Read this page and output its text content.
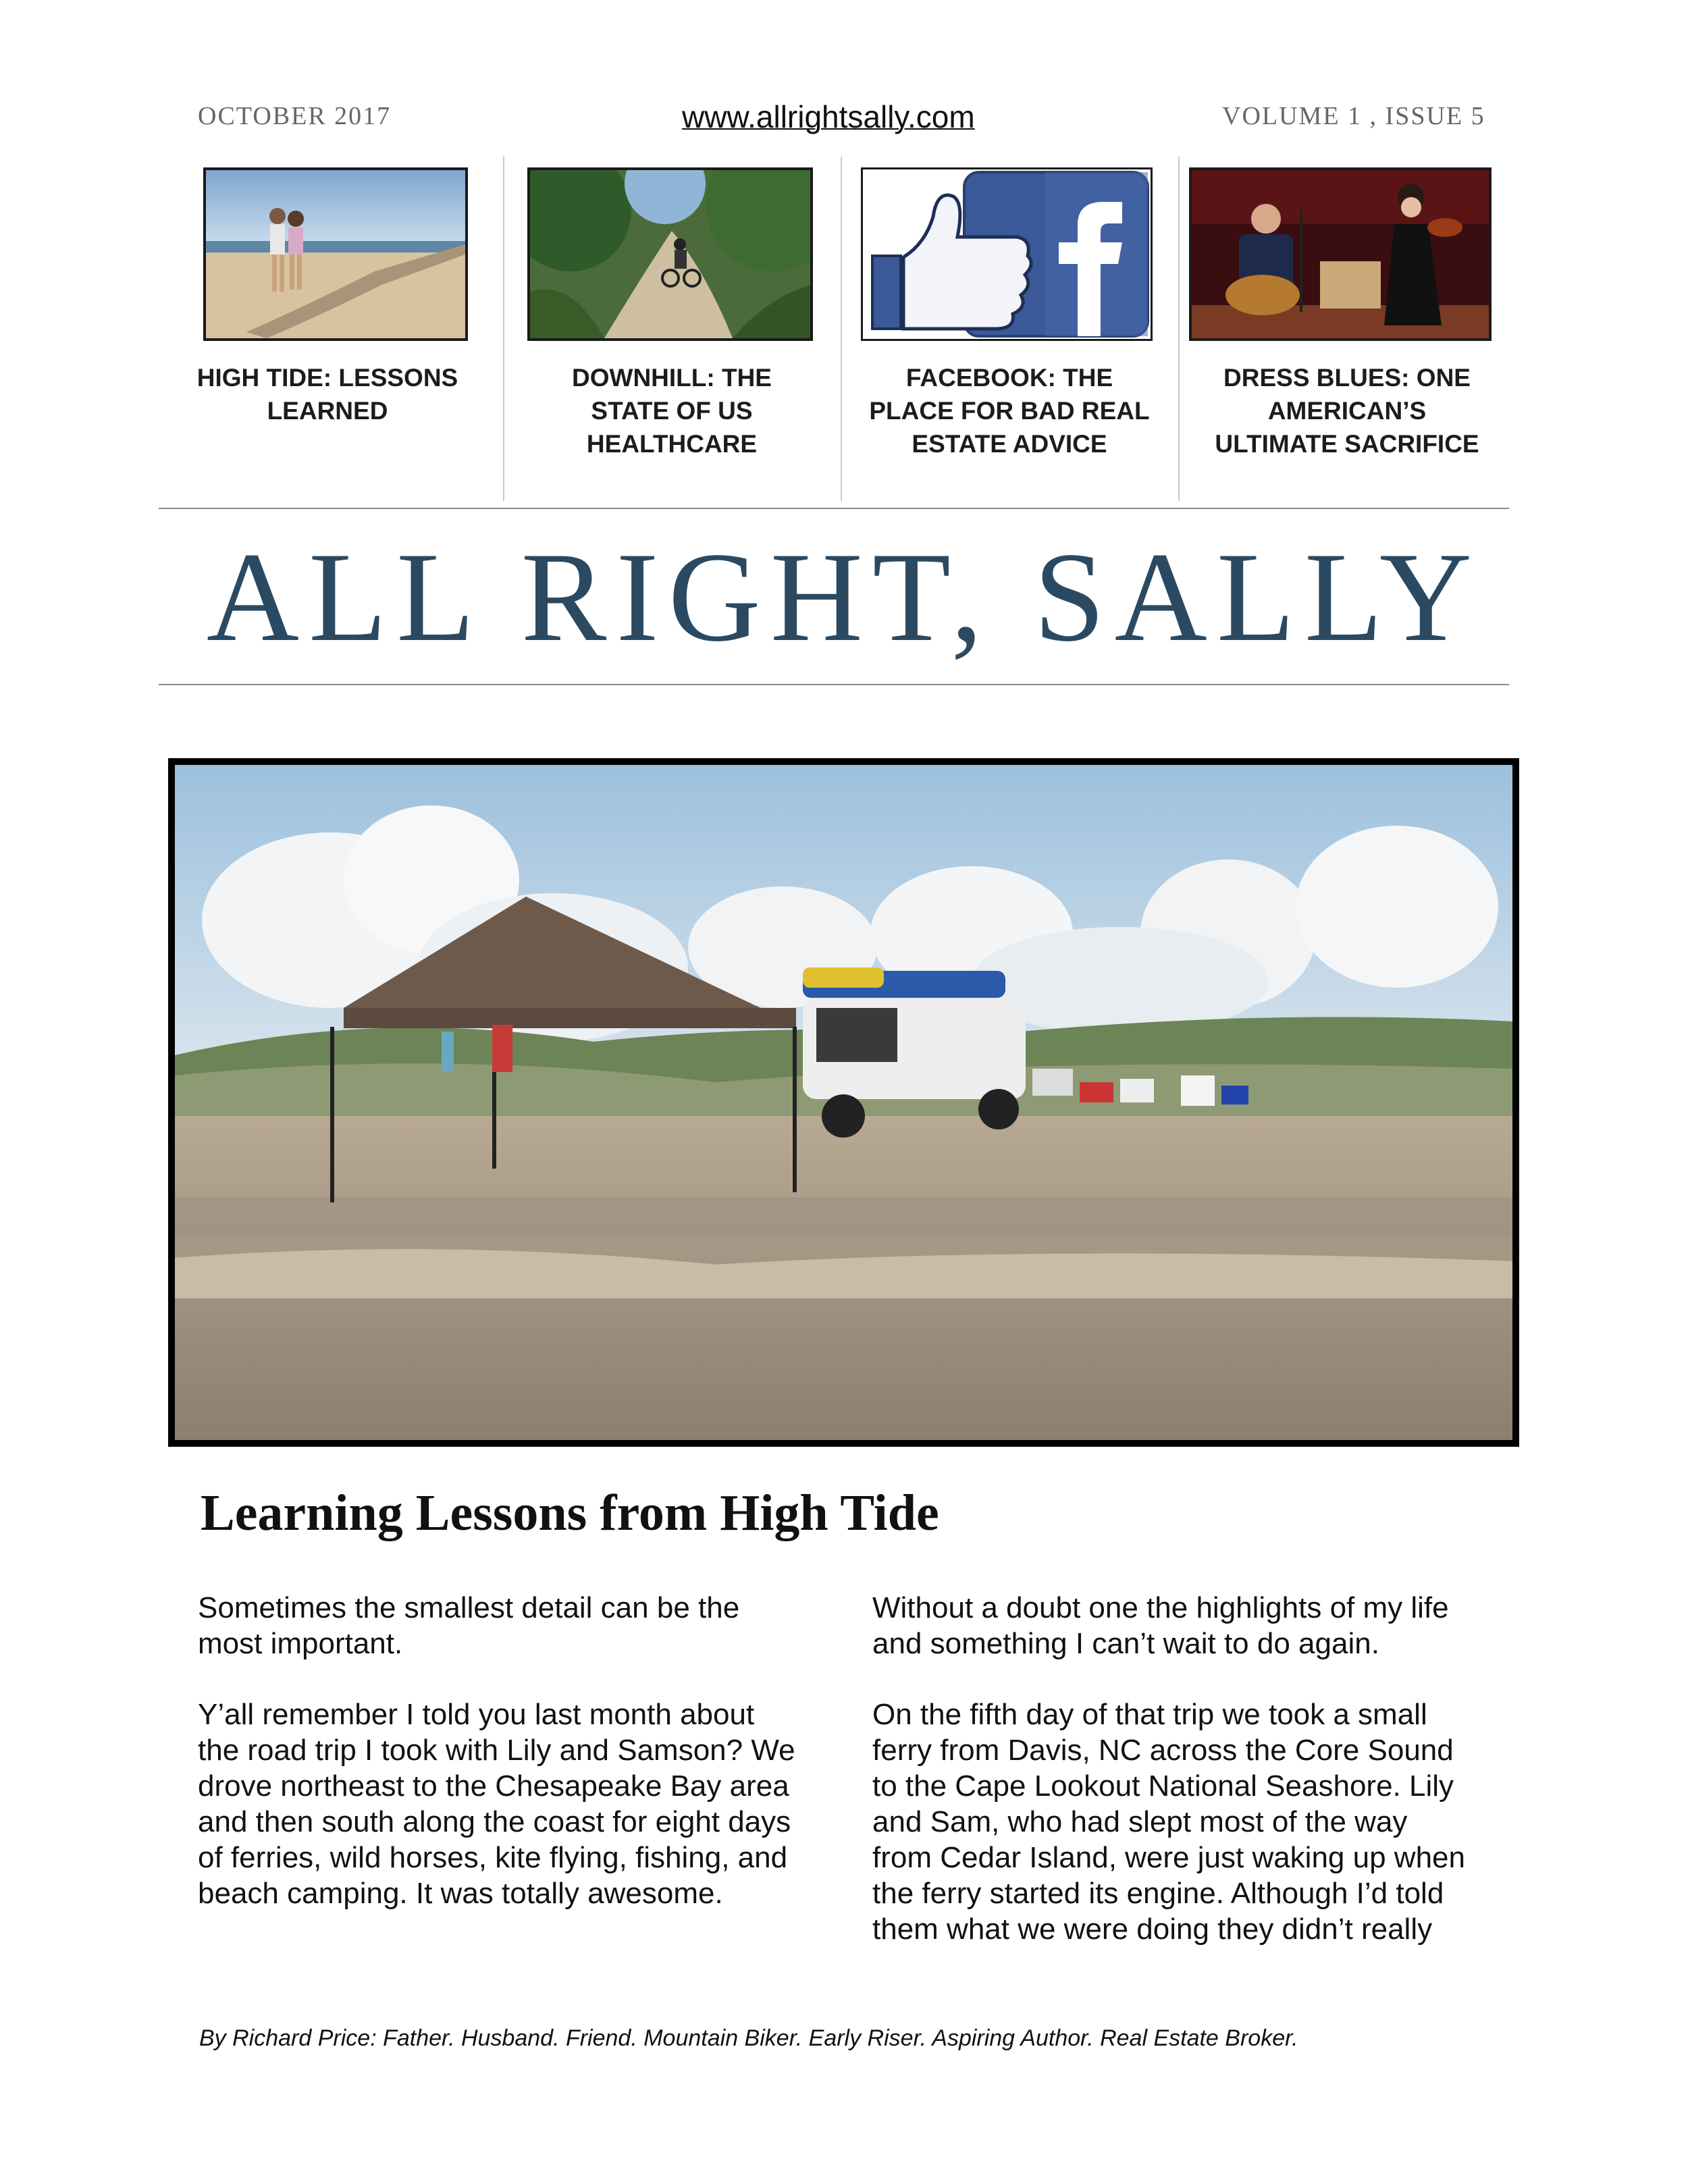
OCTOBER 2017	www.allrightsally.com	VOLUME 1 , ISSUE 5
HIGH TIDE: LESSONS
LEARNED
DOWNHILL: THE
STATE OF US
HEALTHCARE
FACEBOOK: THE
PLACE FOR BAD REAL
ESTATE ADVICE
DRESS BLUES: ONE
AMERICAN’S
ULTIMATE SACRIFICE
ALL RIGHT, SALLY
Learning Lessons from High Tide

Sometimes the smallest detail can be the
most important.

Y’all remember I told you last month about
the road trip I took with Lily and Samson? We
drove northeast to the Chesapeake Bay area
and then south along the coast for eight days
of ferries, wild horses, kite flying, fishing, and
beach camping. It was totally awesome.

Without a doubt one the highlights of my life
and something I can’t wait to do again.

On the fifth day of that trip we took a small
ferry from Davis, NC across the Core Sound
to the Cape Lookout National Seashore. Lily
and Sam, who had slept most of the way
from Cedar Island, were just waking up when
the ferry started its engine. Although I’d told
them what we were doing they didn’t really

By Richard Price: Father. Husband. Friend. Mountain Biker. Early Riser. Aspiring Author. Real Estate Broker.
